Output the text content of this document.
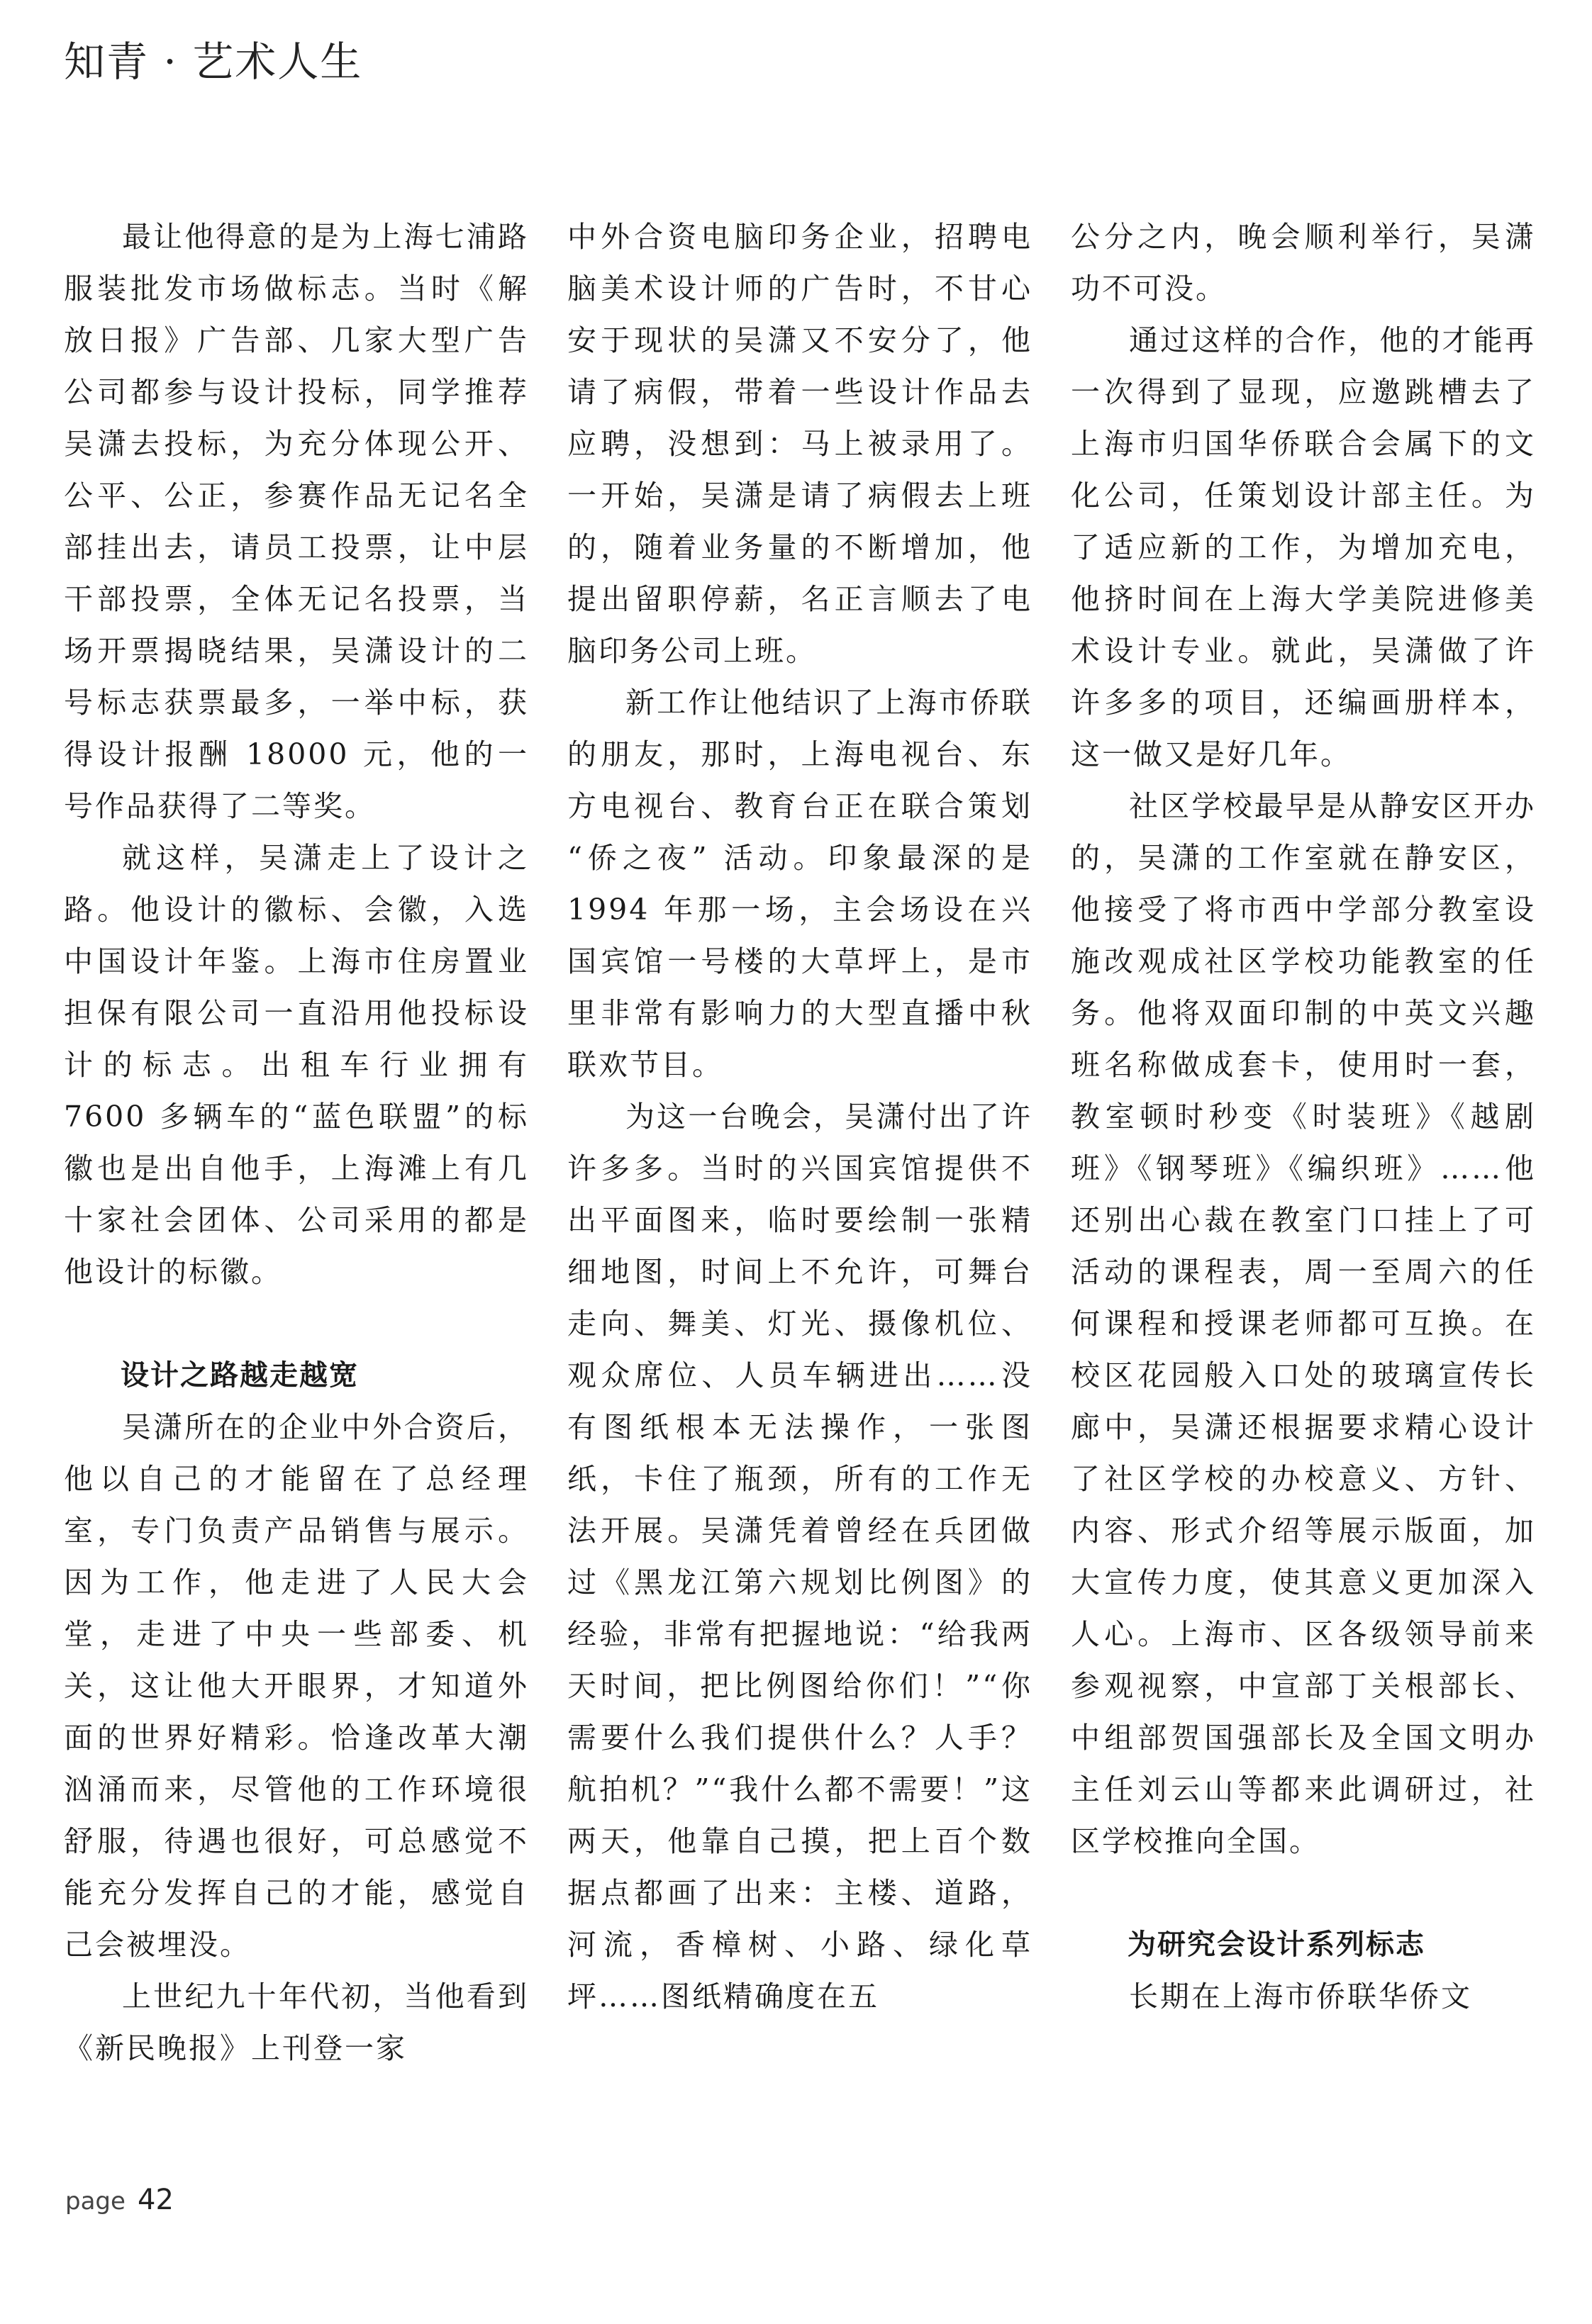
知青 · 艺术人生

最让他得意的是为上海七浦路服装批发市场做标志。当时《解放日报》广告部、几家大型广告公司都参与设计投标，同学推荐吴潇去投标，为充分体现公开、公平、公正，参赛作品无记名全部挂出去，请员工投票，让中层干部投票，全体无记名投票，当场开票揭晓结果，吴潇设计的二号标志获票最多，一举中标，获得设计报酬 18000 元，他的一号作品获得了二等奖。

就这样，吴潇走上了设计之路。他设计的徽标、会徽，入选中国设计年鉴。上海市住房置业担保有限公司一直沿用他投标设计的标志。出租车行业拥有 7600 多辆车的“蓝色联盟”的标徽也是出自他手，上海滩上有几十家社会团体、公司采用的都是他设计的标徽。

设计之路越走越宽

吴潇所在的企业中外合资后，他以自己的才能留在了总经理室，专门负责产品销售与展示。因为工作，他走进了人民大会堂，走进了中央一些部委、机关，这让他大开眼界，才知道外面的世界好精彩。恰逢改革大潮汹涌而来，尽管他的工作环境很舒服，待遇也很好，可总感觉不能充分发挥自己的才能，感觉自己会被埋没。

上世纪九十年代初，当他看到《新民晚报》上刊登一家

中外合资电脑印务企业，招聘电脑美术设计师的广告时，不甘心安于现状的吴潇又不安分了，他请了病假，带着一些设计作品去应聘，没想到：马上被录用了。一开始，吴潇是请了病假去上班的，随着业务量的不断增加，他提出留职停薪，名正言顺去了电脑印务公司上班。

新工作让他结识了上海市侨联的朋友，那时，上海电视台、东方电视台、教育台正在联合策划 “侨之夜” 活动。印象最深的是 1994 年那一场，主会场设在兴国宾馆一号楼的大草坪上，是市里非常有影响力的大型直播中秋联欢节目。

为这一台晚会，吴潇付出了许许多多。当时的兴国宾馆提供不出平面图来，临时要绘制一张精细地图，时间上不允许，可舞台走向、舞美、灯光、摄像机位、观众席位、人员车辆进出……没有图纸根本无法操作，一张图纸，卡住了瓶颈，所有的工作无法开展。吴潇凭着曾经在兵团做过《黑龙江第六规划比例图》的经验，非常有把握地说：“给我两天时间，把比例图给你们！”“你需要什么我们提供什么？人手？航拍机？”“我什么都不需要！”这两天，他靠自己摸，把上百个数据点都画了出来：主楼、道路，河流，香樟树、小路、绿化草坪……图纸精确度在五

公分之内，晚会顺利举行，吴潇功不可没。

通过这样的合作，他的才能再一次得到了显现，应邀跳槽去了上海市归国华侨联合会属下的文化公司，任策划设计部主任。为了适应新的工作，为增加充电，他挤时间在上海大学美院进修美术设计专业。就此，吴潇做了许许多多的项目，还编画册样本，这一做又是好几年。

社区学校最早是从静安区开办的，吴潇的工作室就在静安区，他接受了将市西中学部分教室设施改观成社区学校功能教室的任务。他将双面印制的中英文兴趣班名称做成套卡，使用时一套，教室顿时秒变《时装班》《越剧班》《钢琴班》《编织班》……他还别出心裁在教室门口挂上了可活动的课程表，周一至周六的任何课程和授课老师都可互换。在校区花园般入口处的玻璃宣传长廊中，吴潇还根据要求精心设计了社区学校的办校意义、方针、内容、形式介绍等展示版面，加大宣传力度，使其意义更加深入人心。上海市、区各级领导前来参观视察，中宣部丁关根部长、中组部贺国强部长及全国文明办主任刘云山等都来此调研过，社区学校推向全国。

为研究会设计系列标志

长期在上海市侨联华侨文

page 42
